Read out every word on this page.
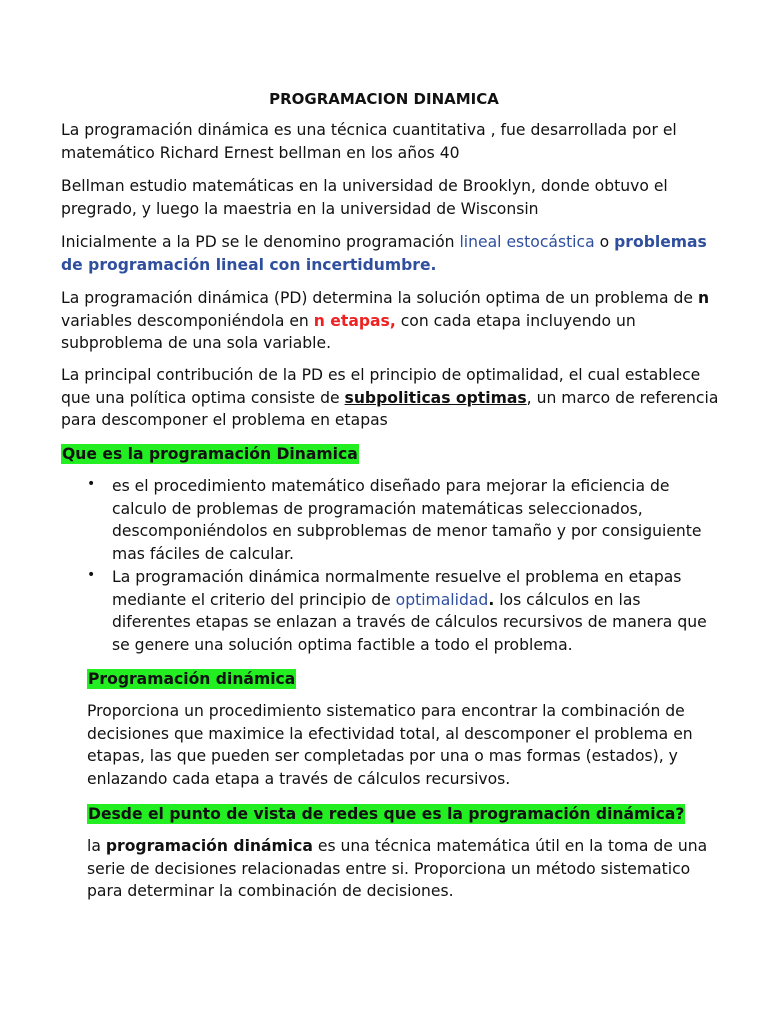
PROGRAMACION DINAMICA

La programación dinámica es una técnica cuantitativa , fue desarrollada por el matemático Richard Ernest bellman en los años 40

Bellman estudio matemáticas en la universidad de Brooklyn, donde obtuvo el pregrado, y luego la maestria en la universidad de Wisconsin

Inicialmente a la PD se le denomino programación lineal estocástica o problemas de programación lineal con incertidumbre.

La programación dinámica (PD) determina la solución optima de un problema de n variables descomponiéndola en n etapas, con cada etapa incluyendo un subproblema de una sola variable.

La principal contribución de la PD es el principio de optimalidad, el cual establece que una política optima consiste de subpoliticas optimas, un marco de referencia para descomponer el problema en etapas

Que es la programación Dinamica

• es el procedimiento matemático diseñado para mejorar la eficiencia de calculo de problemas de programación matemáticas seleccionados, descomponiéndolos en subproblemas de menor tamaño y por consiguiente mas fáciles de calcular.

• La programación dinámica normalmente resuelve el problema en etapas mediante el criterio del principio de optimalidad. los cálculos en las diferentes etapas se enlazan a través de cálculos recursivos de manera que se genere una solución optima factible a todo el problema.

Programación dinámica

Proporciona un procedimiento sistematico para encontrar la combinación de decisiones que maximice la efectividad total, al descomponer el problema en etapas, las que pueden ser completadas por una o mas formas (estados), y enlazando cada etapa a través de cálculos recursivos.

Desde el punto de vista de redes que es la programación dinámica?

la programación dinámica es una técnica matemática útil en la toma de una serie de decisiones relacionadas entre si. Proporciona un método sistematico para determinar la combinación de decisiones.
